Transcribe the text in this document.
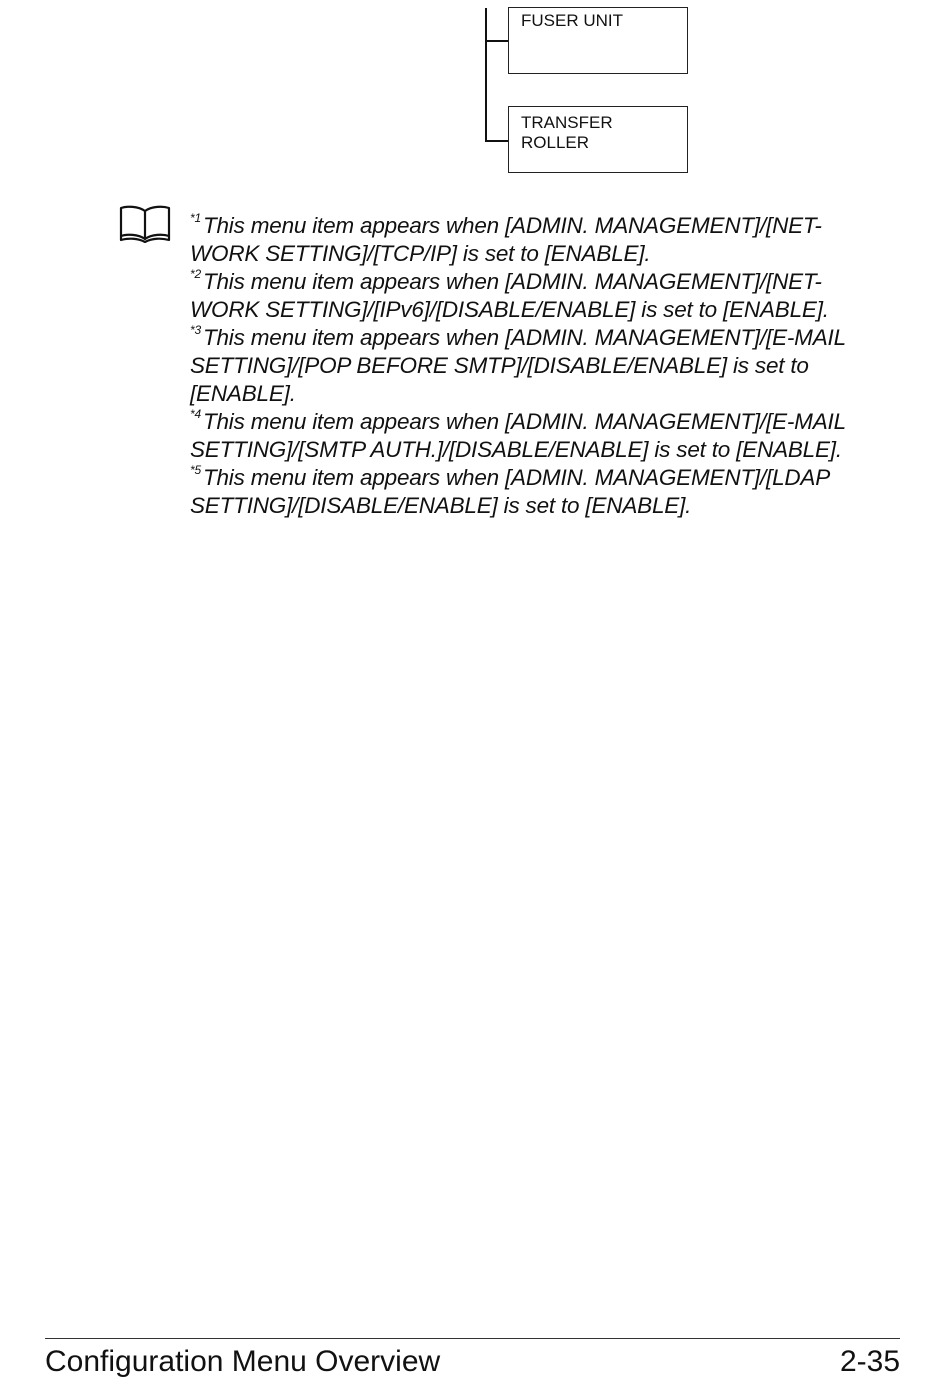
FUSER UNIT
TRANSFER
ROLLER
$^{*1}$This menu item appears when [ADMIN. MANAGEMENT]/[NET-
WORK SETTING]/[TCP/IP] is set to [ENABLE].
$^{*2}$This menu item appears when [ADMIN. MANAGEMENT]/[NET-
WORK SETTING]/[IPv6]/[DISABLE/ENABLE] is set to [ENABLE].
$^{*3}$This menu item appears when [ADMIN. MANAGEMENT]/[E-MAIL
SETTING]/[POP BEFORE SMTP]/[DISABLE/ENABLE] is set to
[ENABLE].
$^{*4}$This menu item appears when [ADMIN. MANAGEMENT]/[E-MAIL
SETTING]/[SMTP AUTH.]/[DISABLE/ENABLE] is set to [ENABLE].
$^{*5}$This menu item appears when [ADMIN. MANAGEMENT]/[LDAP
SETTING]/[DISABLE/ENABLE] is set to [ENABLE].
Configuration Menu Overview	2-35
